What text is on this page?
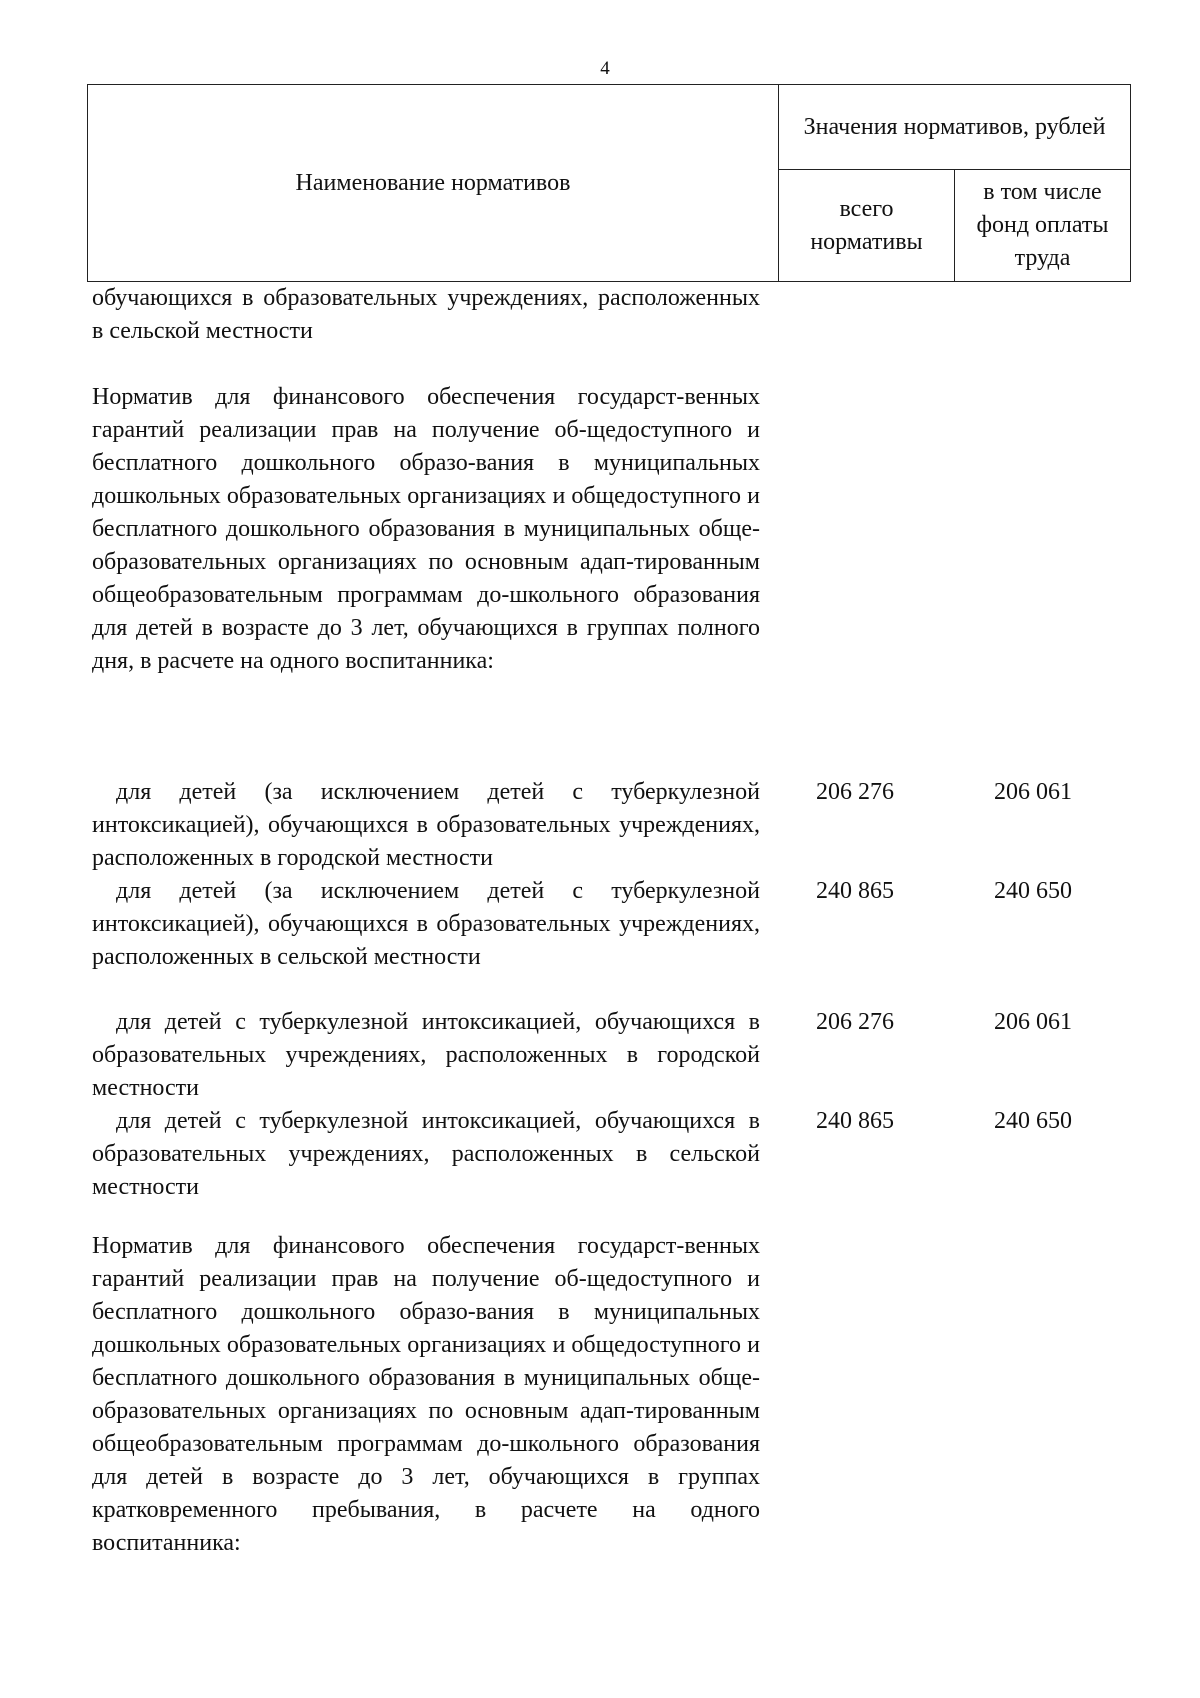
4
Наименование нормативов	Значения нормативов, рублей	
	всего нормативы	в том числе фонд оплаты труда
обучающихся в образовательных учреждениях, расположенных в сельской местности
Норматив для финансового обеспечения государст-венных гарантий реализации прав на получение об-щедоступного и бесплатного дошкольного образо-вания в муниципальных дошкольных образовательных организациях и общедоступного и бесплатного дошкольного образования в муниципальных обще-образовательных организациях по основным адап-тированным общеобразовательным программам до-школьного образования для детей в возрасте до 3 лет, обучающихся в группах полного дня, в расчете на одного воспитанника:
для детей (за исключением детей с туберкулезной интоксикацией), обучающихся в образовательных учреждениях, расположенных в городской местности
206 276	206 061
для детей (за исключением детей с туберкулезной интоксикацией), обучающихся в образовательных учреждениях, расположенных в сельской местности
240 865	240 650
для детей с туберкулезной интоксикацией, обучающихся в образовательных учреждениях, расположенных в городской местности
206 276	206 061
для детей с туберкулезной интоксикацией, обучающихся в образовательных учреждениях, расположенных в сельской местности
240 865	240 650
Норматив для финансового обеспечения государст-венных гарантий реализации прав на получение об-щедоступного и бесплатного дошкольного образо-вания в муниципальных дошкольных образовательных организациях и общедоступного и бесплатного дошкольного образования в муниципальных обще-образовательных организациях по основным адап-тированным общеобразовательным программам до-школьного образования для детей в возрасте до 3 лет, обучающихся в группах кратковременного пребывания, в расчете на одного воспитанника:
